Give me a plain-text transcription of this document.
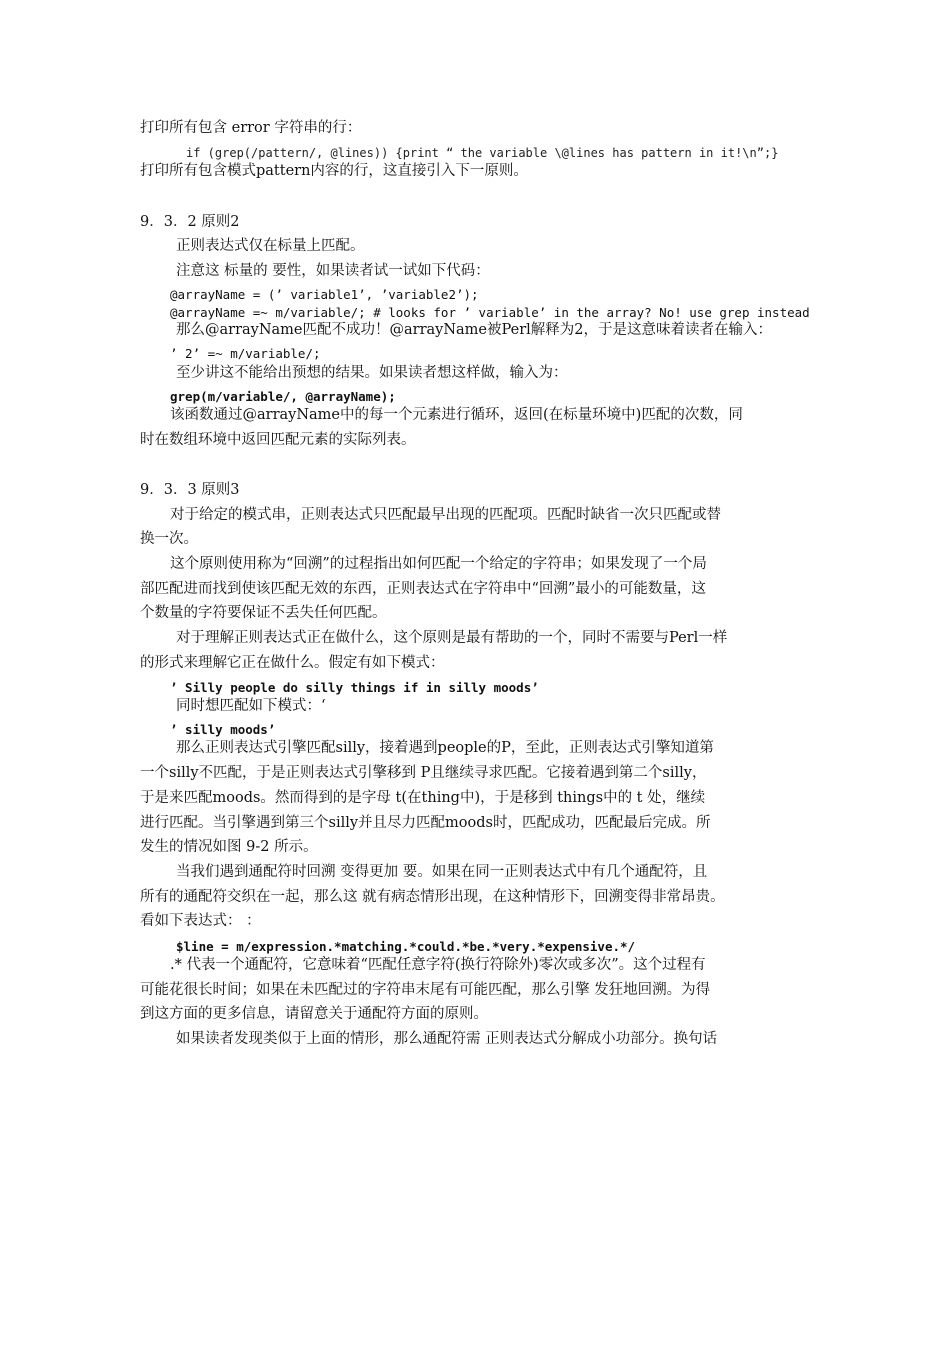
打印所有包含 error 字符串的行：
if (grep(/pattern/, @lines)) {print “ the variable \@lines has pattern in it!\n”;}
打印所有包含模式pattern内容的行，这直接引入下一原则。
9．3．2 原则2
正则表达式仅在标量上匹配。
注意这 标量的 要性，如果读者试一试如下代码：
@arrayName = (’ variable1’, ’variable2’);
@arrayName =~ m/variable/; # looks for ’ variable’ in the array? No! use grep instead
那么@arrayName匹配不成功！@arrayName被Perl解释为2，于是这意味着读者在输入：
’ 2’ =~ m/variable/;
至少讲这不能给出预想的结果。如果读者想这样做，输入为：
grep(m/variable/, @arrayName);
该函数通过@arrayName中的每一个元素进行循环，返回(在标量环境中)匹配的次数，同
时在数组环境中返回匹配元素的实际列表。
9．3．3 原则3
对于给定的模式串，正则表达式只匹配最早出现的匹配项。匹配时缺省一次只匹配或替
换一次。
这个原则使用称为“回溯”的过程指出如何匹配一个给定的字符串；如果发现了一个局
部匹配进而找到使该匹配无效的东西，正则表达式在字符串中“回溯”最小的可能数量，这
个数量的字符要保证不丢失任何匹配。
对于理解正则表达式正在做什么，这个原则是最有帮助的一个，同时不需要与Perl一样
的形式来理解它正在做什么。假定有如下模式：
’ Silly people do silly things if in silly moods’
同时想匹配如下模式：‘
’ silly moods’
那么正则表达式引擎匹配silly，接着遇到people的P，至此，正则表达式引擎知道第
一个silly不匹配，于是正则表达式引擎移到 P且继续寻求匹配。它接着遇到第二个silly，
于是来匹配moods。然而得到的是字母 t(在thing中)，于是移到 things中的 t 处，继续
进行匹配。当引擎遇到第三个silly并且尽力匹配moods时，匹配成功，匹配最后完成。所
发生的情况如图 9-2 所示。
当我们遇到通配符时回溯 变得更加 要。如果在同一正则表达式中有几个通配符，且
所有的通配符交织在一起，那么这 就有病态情形出现，在这种情形下，回溯变得非常昂贵。
看如下表达式： ：
$line = m/expression.*matching.*could.*be.*very.*expensive.*/
.* 代表一个通配符，它意味着“匹配任意字符(换行符除外)零次或多次”。这个过程有
可能花很长时间；如果在未匹配过的字符串末尾有可能匹配，那么引擎 发狂地回溯。为得
到这方面的更多信息，请留意关于通配符方面的原则。
如果读者发现类似于上面的情形，那么通配符需 正则表达式分解成小功部分。换句话
